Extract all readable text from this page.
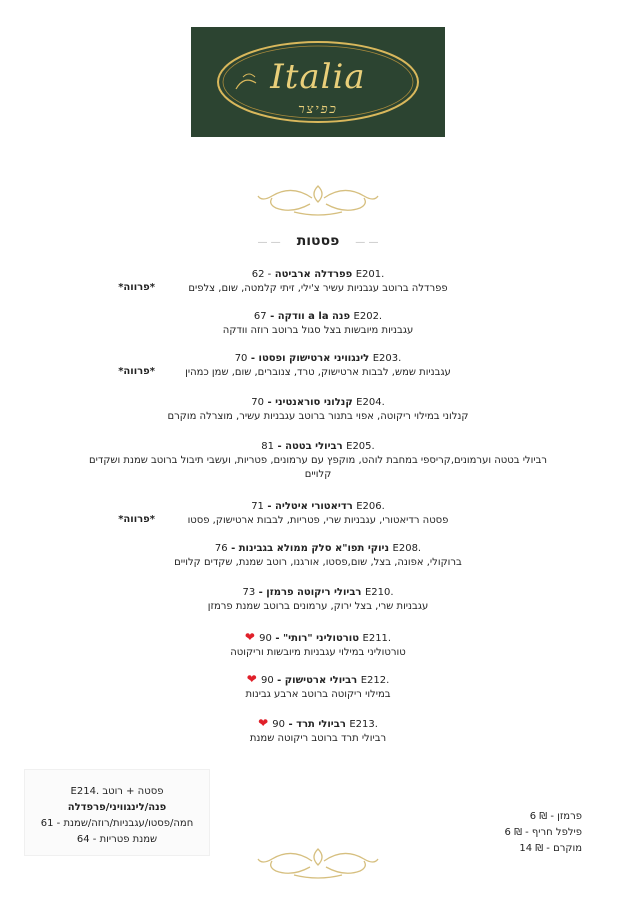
Italia
כפיצר
— — פסטות — —
E201. פפרדלה ארביטה - 62
פפרדלה ברוטב עגבניות עשיר צ'ילי, זיתי קלמטה, שום, צלפים
E202. פנה a la וודקה - 67
עגבניות מיובשות בצל סגול ברוטב רוזה וודקה
E203. לינגוויני ארטישוק ופסטו - 70
עגבניות שמש, לבבות ארטישוק, טרד, צנוברים, שום, שמן כמהין
E204. קנלוני סוראנטיני - 70
קנלוני במילוי ריקוטה, אפוי בתנור ברוטב עגבניות עשיר, מוצרלה מוקרם
E205. רביולי בטטה - 81
רביולי בטטה וערמונים,קריספי במחבת לוהט, מוקפץ עם ערמונים, פטריות, ועשבי תיבול ברוטב שמנת ושקדים קלויים
E206. רדיאטורי איטליה - 71
פסטה רדיאטורי, עגבניות שרי, פטריות, לבבות ארטישוק, פסטו
E208. ניוקי תפו"א סלק ממולא בגבינות - 76
ברוקולי, אפונה, בצל, שום,פסטו, אורגנו, רוטב שמנת, שקדים קלויים
E210. רביולי ריקוטה פרמזן - 73
עגבניות שרי, בצל ירוק, ערמונים ברוטב שמנת פרמזן
E211. טורטוליני "רותי" - 90 ❤
טורטוליני במילוי עגבניות מיובשות וריקוטה
E212. רביולי ארטישוק - 90 ❤
במילוי ריקוטה ברוטב ארבע גבינות
E213. רביולי תרד - 90 ❤
רביולי תרד ברוטב ריקוטה שמנת
E214. פסטה + רוטב
פנה/לינגוויני/פרפדלה
חמה/פסטו/עגבניות/רוזה/שמנת - 61
שמנת פטריות - 64
פרמזן - ₪ 6
פילפל חריף - ₪ 6
מוקרם - ₪ 14
*פרווה*
*פרווה*
*פרווה*
